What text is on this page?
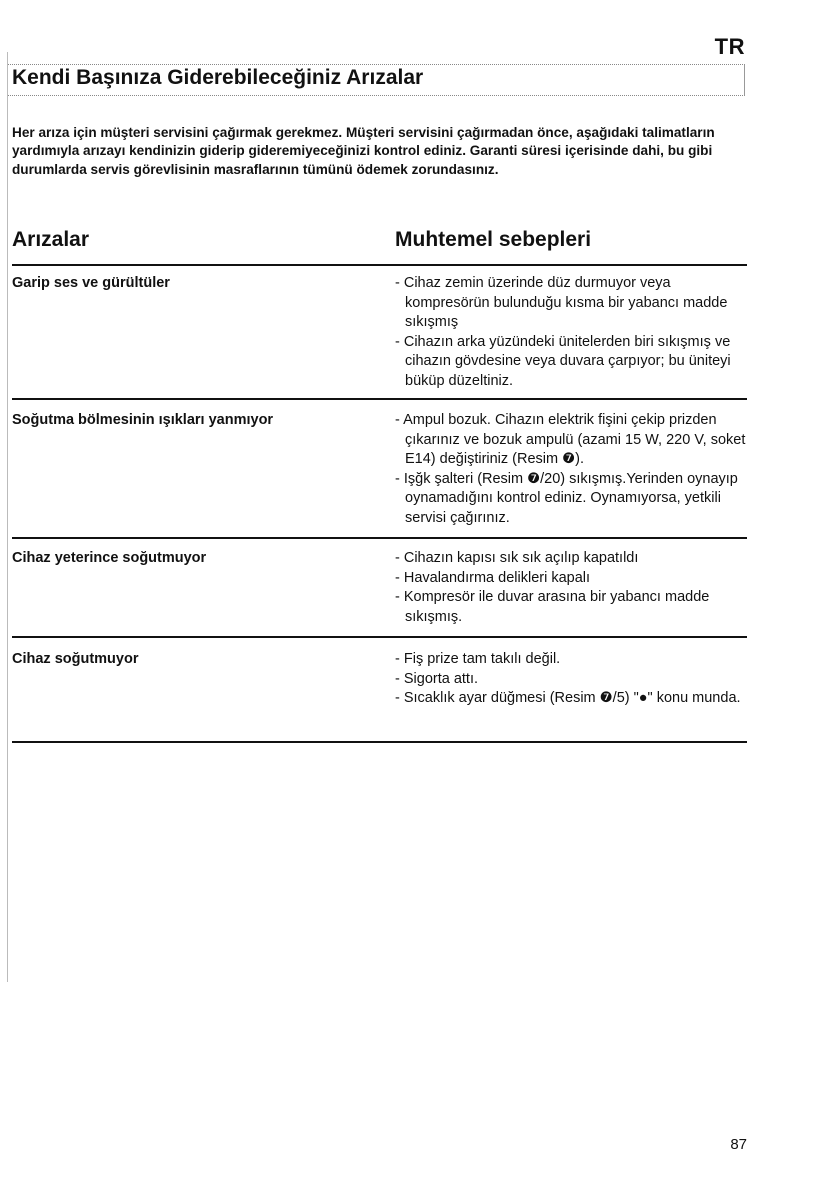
TR
Kendi Başınıza Giderebileceğiniz Arızalar
Her arıza için müşteri servisini çağırmak gerekmez. Müşteri servisini çağırmadan önce, aşağıdaki talimatların yardımıyla arızayı kendinizin giderip gideremiyeceğinizi kontrol ediniz. Garanti süresi içerisinde dahi, bu gibi durumlarda servis görevlisinin masraflarının tümünü ödemek zorundasınız.
Arızalar	Muhtemel sebepleri
Garip ses ve gürültüler	- Cihaz zemin üzerinde düz durmuyor veya kompresörün bulunduğu kısma bir yabancı madde sıkışmış
- Cihazın arka yüzündeki ünitelerden biri sıkışmış ve cihazın gövdesine veya duvara çarpıyor; bu üniteyi büküp düzeltiniz.
Soğutma bölmesinin ışıkları yanmıyor	- Ampul bozuk. Cihazın elektrik fişini çekip prizden çıkarınız ve bozuk ampulü (azami 15 W, 220 V, soket E14) değiştiriniz (Resim ❼).
- Işğk şalteri (Resim ❼/20) sıkışmış.Yerinden oynayıp oynamadığını kontrol ediniz. Oynamıyorsa, yetkili servisi çağırınız.
Cihaz yeterince soğutmuyor	- Cihazın kapısı sık sık açılıp kapatıldı
- Havalandırma delikleri kapalı
- Kompresör ile duvar arasına bir yabancı madde sıkışmış.
Cihaz soğutmuyor	- Fiş prize tam takılı değil.
- Sigorta attı.
- Sıcaklık ayar düğmesi (Resim ❼/5) "●" konu munda.
87
